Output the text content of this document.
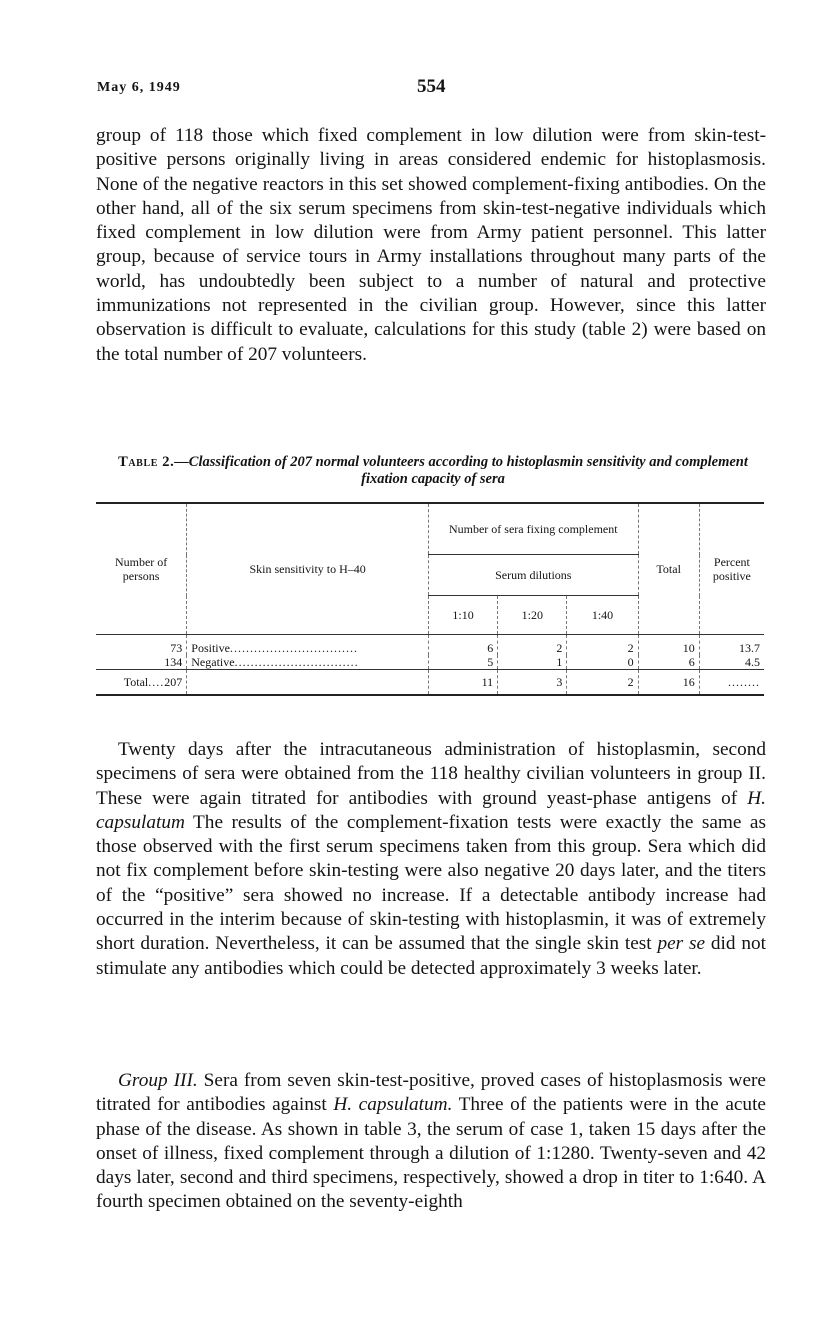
May 6, 1949	554

group of 118 those which fixed complement in low dilution were from skin-test-positive persons originally living in areas considered endemic for histoplasmosis. None of the negative reactors in this set showed complement-fixing antibodies. On the other hand, all of the six serum specimens from skin-test-negative individuals which fixed complement in low dilution were from Army patient personnel. This latter group, because of service tours in Army installations throughout many parts of the world, has undoubtedly been subject to a number of natural and protective immunizations not represented in the civilian group. However, since this latter observation is difficult to evaluate, calculations for this study (table 2) were based on the total number of 207 volunteers.

Table 2.—Classification of 207 normal volunteers according to histoplasmin sensitivity and complement fixation capacity of sera
Number of persons	Skin sensitivity to H–40	Number of sera fixing complement			Total	Percent positive
		Serum dilutions				
		1:10	1:20	1:40		
73	Positive................................	6	2	2	10	13.7
134	Negative...............................	5	1	0	6	4.5
Total....207		11	3	2	16	........

Twenty days after the intracutaneous administration of histoplasmin, second specimens of sera were obtained from the 118 healthy civilian volunteers in group II. These were again titrated for antibodies with ground yeast-phase antigens of H. capsulatum The results of the complement-fixation tests were exactly the same as those observed with the first serum specimens taken from this group. Sera which did not fix complement before skin-testing were also negative 20 days later, and the titers of the “positive” sera showed no increase. If a detectable antibody increase had occurred in the interim because of skin-testing with histoplasmin, it was of extremely short duration. Nevertheless, it can be assumed that the single skin test per se did not stimulate any antibodies which could be detected approximately 3 weeks later.

Group III. Sera from seven skin-test-positive, proved cases of histoplasmosis were titrated for antibodies against H. capsulatum. Three of the patients were in the acute phase of the disease. As shown in table 3, the serum of case 1, taken 15 days after the onset of illness, fixed complement through a dilution of 1:1280. Twenty-seven and 42 days later, second and third specimens, respectively, showed a drop in titer to 1:640. A fourth specimen obtained on the seventy-eighth
